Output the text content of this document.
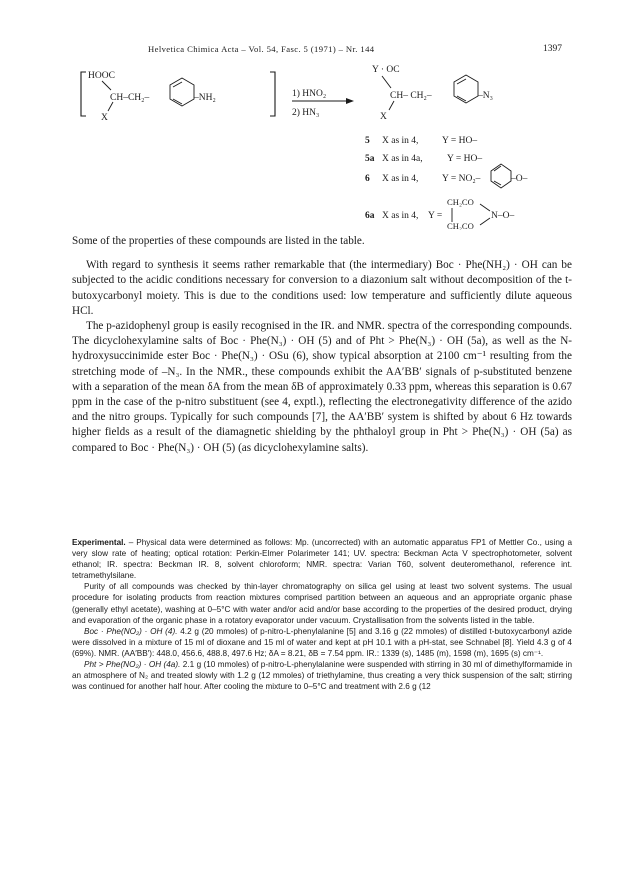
Helvetica Chimica Acta – Vol. 54, Fasc. 5 (1971) – Nr. 144	1397
HOOC
CH–CH₂–
X
–NH₂	1) HNO₂
2) HN₃
Y · OC
CH– CH₂–
X
–N₃
5 X as in 4, Y = HO–
5a X as in 4a,	Y = HO–
6 X as in 4, Y = NO₂–	–O–
CH₂CO
6a X as in 4, Y =	N–O–
CH₂CO

Some of the properties of these compounds are listed in the table.

With regard to synthesis it seems rather remarkable that (the intermediary) Boc · Phe(NH₂) · OH can be subjected to the acidic conditions necessary for conversion to a diazonium salt without decomposition of the t-butoxycarbonyl moiety. This is due to the conditions used: low temperature and sufficiently dilute aqueous HCl.

The p-azidophenyl group is easily recognised in the IR. and NMR. spectra of the corresponding compounds. The dicyclohexylamine salts of Boc · Phe(N₃) · OH (5) and of Pht > Phe(N₃) · OH (5a), as well as the N-hydroxysuccinimide ester Boc · Phe(N₃) · OSu (6), show typical absorption at 2100 cm⁻¹ resulting from the stretching mode of –N₃. In the NMR., these compounds exhibit the AA′BB′ signals of p-substituted benzene with a separation of the mean δA from the mean δB of approximately 0.33 ppm, whereas this separation is 0.67 ppm in the case of the p-nitro substituent (see 4, exptl.), reflecting the electronegativity difference of the azido and the nitro groups. Typically for such compounds [7], the AA′BB′ system is shifted by about 6 Hz towards higher fields as a result of the diamagnetic shielding by the phthaloyl group in Pht > Phe(N₃) · OH (5a) as compared to Boc · Phe(N₃) · OH (5) (as dicyclohexylamine salts).

Experimental. – Physical data were determined as follows: Mp. (uncorrected) with an automatic apparatus FP1 of Mettler Co., using a very slow rate of heating; optical rotation: Perkin-Elmer Polarimeter 141; UV. spectra: Beckman Acta V spectrophotometer, solvent ethanol; IR. spectra: Beckman IR. 8, solvent chloroform; NMR. spectra: Varian T60, solvent deuteromethanol, reference int. tetramethylsilane.

Purity of all compounds was checked by thin-layer chromatography on silica gel using at least two solvent systems. The usual procedure for isolating products from reaction mixtures comprised partition between an aqueous and an appropriate organic phase (generally ethyl acetate), washing at 0–5°C with water and/or acid and/or base according to the properties of the desired product, drying and evaporation of the organic phase in a rotatory evaporator under vacuum. Crystallisation from the solvents listed in the table.

Boc · Phe(NO₂) · OH (4). 4.2 g (20 mmoles) of p-nitro-L-phenylalanine [5] and 3.16 g (22 mmoles) of distilled t-butoxycarbonyl azide were dissolved in a mixture of 15 ml of dioxane and 15 ml of water and kept at pH 10.1 with a pH-stat, see Schnabel [8]. Yield 4.3 g of 4 (69%). NMR. (AA′BB′): 448.0, 456.6, 488.8, 497.6 Hz; δA = 8.21, δB = 7.54 ppm. IR.: 1339 (s), 1485 (m), 1598 (m), 1695 (s) cm⁻¹.

Pht > Phe(NO₂) · OH (4a). 2.1 g (10 mmoles) of p-nitro-L-phenylalanine were suspended with stirring in 30 ml of dimethylformamide in an atmosphere of N₂ and treated slowly with 1.2 g (12 mmoles) of triethylamine, thus creating a very thick suspension of the salt; stirring was continued for another half hour. After cooling the mixture to 0–5°C and treatment with 2.6 g (12
